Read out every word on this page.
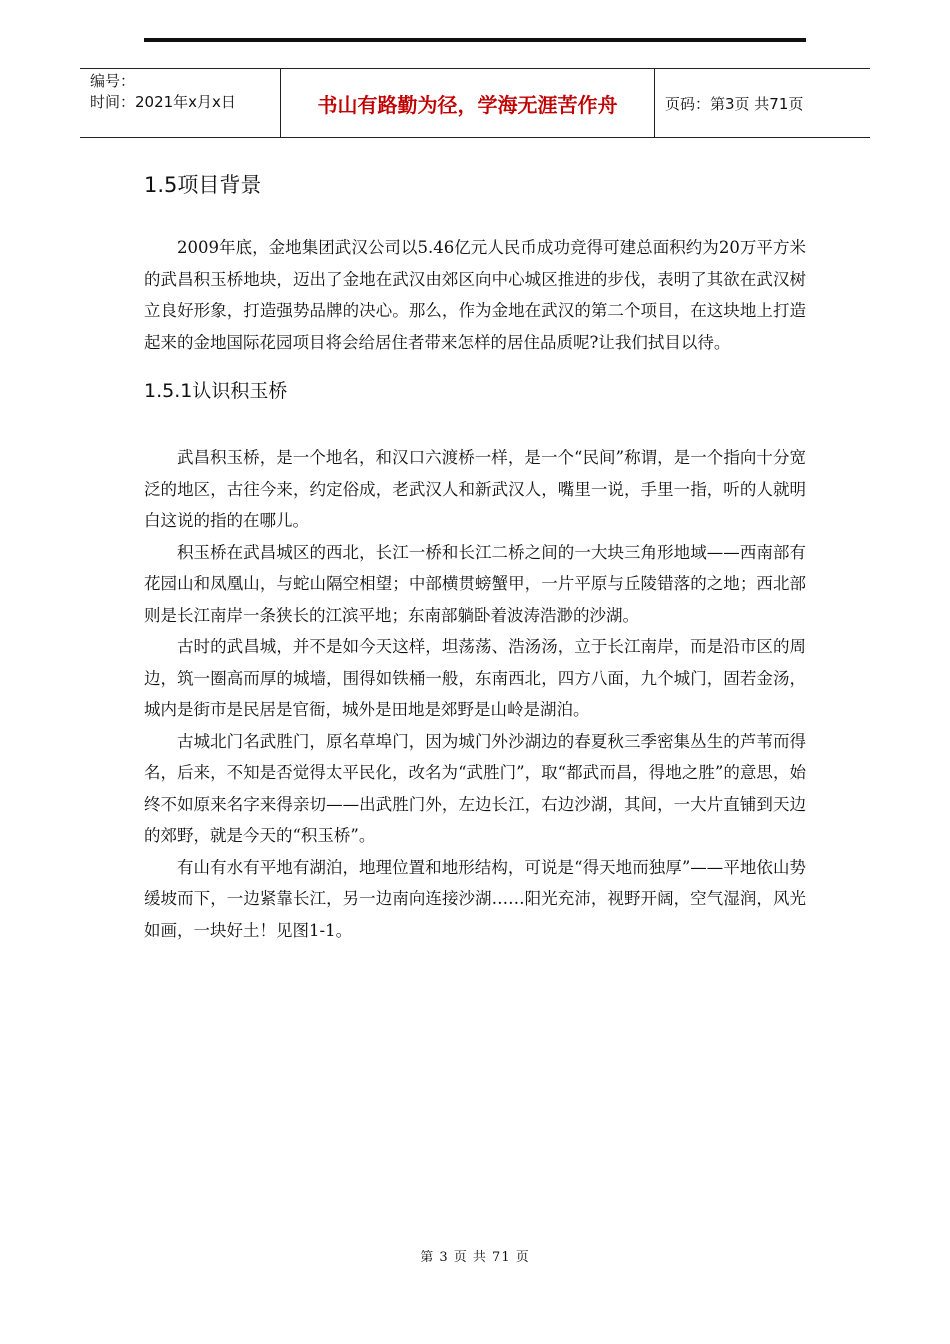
编号：
时间：2021年x月x日	书山有路勤为径，学海无涯苦作舟	页码：第3页 共71页
1.5项目背景

2009年底，金地集团武汉公司以5.46亿元人民币成功竞得可建总面积约为20万平方米的武昌积玉桥地块，迈出了金地在武汉由郊区向中心城区推进的步伐，表明了其欲在武汉树立良好形象，打造强势品牌的决心。那么，作为金地在武汉的第二个项目，在这块地上打造起来的金地国际花园项目将会给居住者带来怎样的居住品质呢?让我们拭目以待。

1.5.1认识积玉桥

武昌积玉桥，是一个地名，和汉口六渡桥一样，是一个“民间”称谓，是一个指向十分宽泛的地区，古往今来，约定俗成，老武汉人和新武汉人，嘴里一说，手里一指，听的人就明白这说的指的在哪儿。

积玉桥在武昌城区的西北，长江一桥和长江二桥之间的一大块三角形地域——西南部有花园山和凤凰山，与蛇山隔空相望；中部横贯螃蟹甲，一片平原与丘陵错落的之地；西北部则是长江南岸一条狭长的江滨平地；东南部躺卧着波涛浩渺的沙湖。

古时的武昌城，并不是如今天这样，坦荡荡、浩汤汤，立于长江南岸，而是沿市区的周边，筑一圈高而厚的城墙，围得如铁桶一般，东南西北，四方八面，九个城门，固若金汤，城内是街市是民居是官衙，城外是田地是郊野是山岭是湖泊。

古城北门名武胜门，原名草埠门，因为城门外沙湖边的春夏秋三季密集丛生的芦苇而得名，后来，不知是否觉得太平民化，改名为“武胜门”，取“都武而昌，得地之胜”的意思，始终不如原来名字来得亲切——出武胜门外，左边长江，右边沙湖，其间，一大片直铺到天边的郊野，就是今天的“积玉桥”。

有山有水有平地有湖泊，地理位置和地形结构，可说是“得天地而独厚”——平地依山势缓坡而下，一边紧靠长江，另一边南向连接沙湖……阳光充沛，视野开阔，空气湿润，风光如画，一块好土！见图1-1。

第 3 页 共 71 页
